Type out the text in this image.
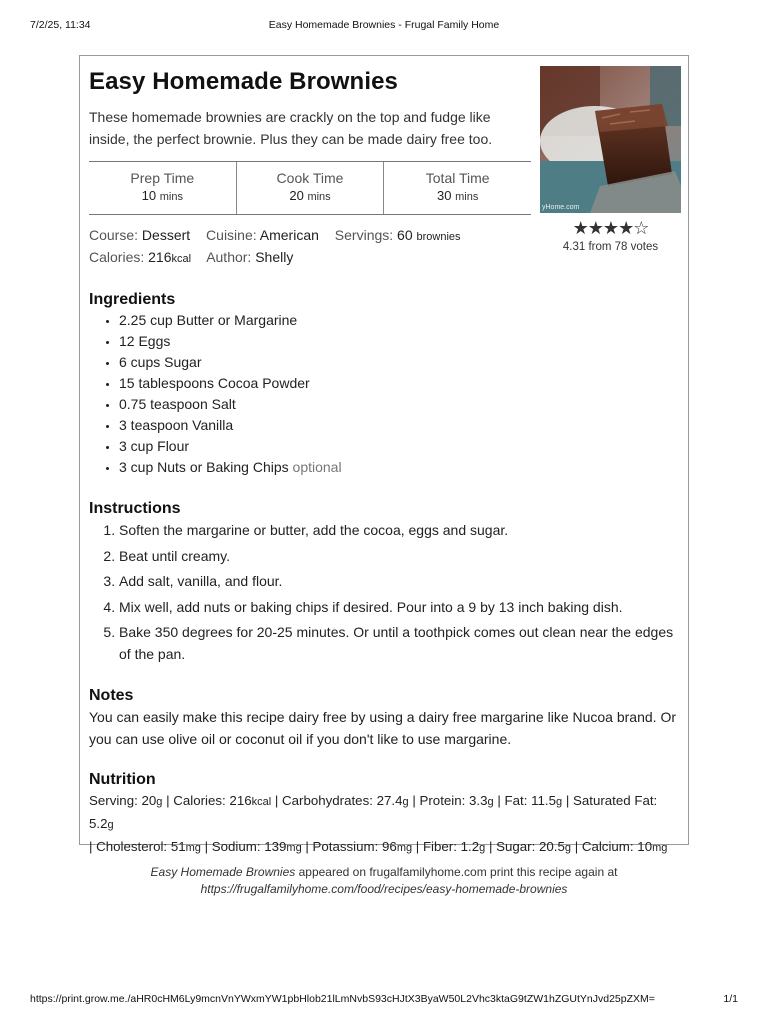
Easy Homemade Brownies - Frugal Family Home
7/2/25, 11:34
Easy Homemade Brownies
These homemade brownies are crackly on the top and fudge like inside, the perfect brownie. Plus they can be made dairy free too.
Prep Time
10 mins
Cook Time
20 mins
Total Time
30 mins
Course: Dessert Cuisine: American Servings: 60 brownies
Calories: 216kcal Author: Shelly
yHome.com
★★★★☆
4.31 from 78 votes
Ingredients
• 2.25 cup Butter or Margarine
• 12 Eggs
• 6 cups Sugar
• 15 tablespoons Cocoa Powder
• 0.75 teaspoon Salt
• 3 teaspoon Vanilla
• 3 cup Flour
• 3 cup Nuts or Baking Chips optional
Instructions
1. Soften the margarine or butter, add the cocoa, eggs and sugar.
2. Beat until creamy.
3. Add salt, vanilla, and flour.
4. Mix well, add nuts or baking chips if desired. Pour into a 9 by 13 inch baking dish.
5. Bake 350 degrees for 20-25 minutes. Or until a toothpick comes out clean near the edges of the pan.
Notes
You can easily make this recipe dairy free by using a dairy free margarine like Nucoa brand. Or you can use olive oil or coconut oil if you don't like to use margarine.
Nutrition
Serving: 20g | Calories: 216kcal | Carbohydrates: 27.4g | Protein: 3.3g | Fat: 11.5g | Saturated Fat: 5.2g
| Cholesterol: 51mg | Sodium: 139mg | Potassium: 96mg | Fiber: 1.2g | Sugar: 20.5g | Calcium: 10mg
Easy Homemade Brownies appeared on frugalfamilyhome.com print this recipe again at
https://frugalfamilyhome.com/food/recipes/easy-homemade-brownies
https://print.grow.me./aHR0cHM6Ly9mcnVnYWxmYW1pbHlob21lLmNvbS93cHJtX3ByaW50L2Vhc3ktaG9tZW1hZGUtYnJvd25pZXM=	1/1
